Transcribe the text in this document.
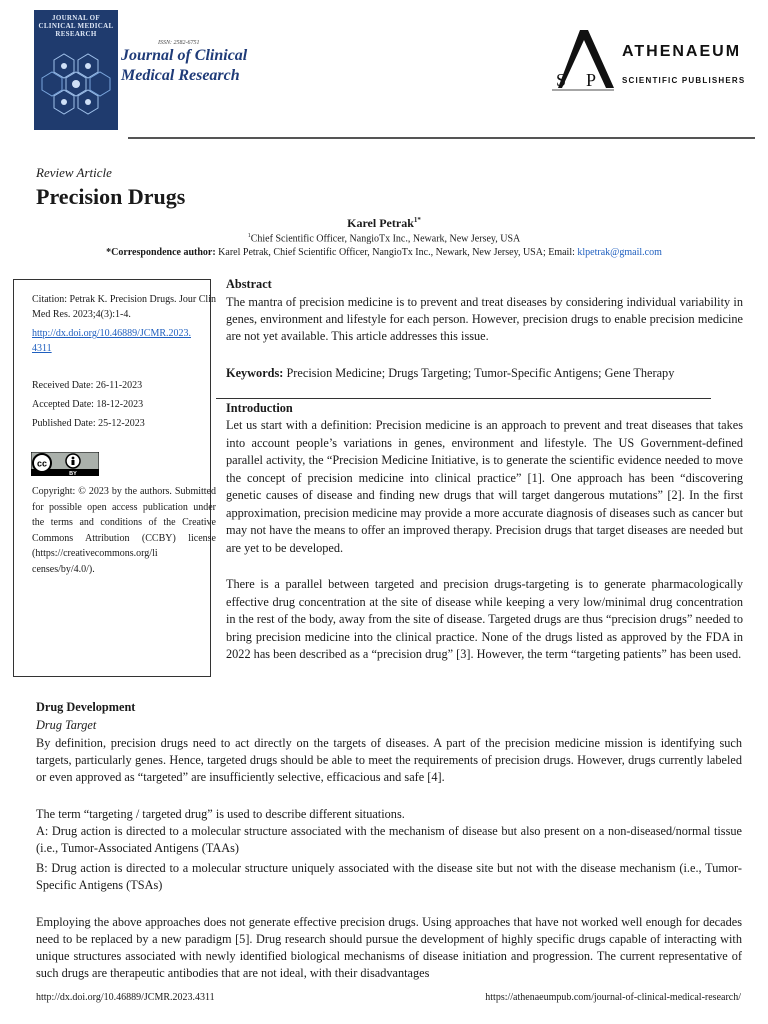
JOURNAL OF CLINICAL MEDICAL RESEARCH
ISSN: 2582-6751
Journal of Clinical
Medical Research	S P
ATHENAEUM
SCIENTIFIC PUBLISHERS
Review Article
Precision Drugs
Karel Petrak$^{1*}$
$^1$Chief Scientific Officer, NangioTx Inc., Newark, New Jersey, USA
*Correspondence author: Karel Petrak, Chief Scientific Officer, NangioTx Inc., Newark, New Jersey, USA; Email: klpetrak@gmail.com
Citation: Petrak K. Precision Drugs. Jour Clin Med Res. 2023;4(3):1-4.
http://dx.doi.org/10.46889/JCMR.2023.
4311
Received Date: 26-11-2023
Accepted Date: 18-12-2023
Published Date: 25-12-2023
Copyright: © 2023 by the authors. Submitted for possible open access publication under the terms and conditions of the Creative Commons Attribution (CCBY) license (https://creativecommons.org/li censes/by/4.0/).
cc
BY
Abstract
The mantra of precision medicine is to prevent and treat diseases by considering individual variability in genes, environment and lifestyle for each person. However, precision drugs to enable precision medicine are not yet available. This article addresses this issue.
Keywords: Precision Medicine; Drugs Targeting; Tumor-Specific Antigens; Gene Therapy
Introduction
Let us start with a definition: Precision medicine is an approach to prevent and treat diseases that takes into account people’s variations in genes, environment and lifestyle. The US Government-defined parallel activity, the “Precision Medicine Initiative, is to generate the scientific evidence needed to move the concept of precision medicine into clinical practice” [1]. One approach has been “discovering genetic causes of disease and finding new drugs that will target dangerous mutations” [2]. In the first approximation, precision medicine may provide a more accurate diagnosis of diseases such as cancer but may not have the means to offer an improved therapy. Precision drugs that target diseases are needed but are yet to be developed.
There is a parallel between targeted and precision drugs-targeting is to generate pharmacologically effective drug concentration at the site of disease while keeping a very low/minimal drug concentration in the rest of the body, away from the site of disease. Targeted drugs are thus “precision drugs” needed to bring precision medicine into the clinical practice. None of the drugs listed as approved by the FDA in 2022 has been described as a “precision drug” [3]. However, the term “targeting patients” has been used.
Drug Development
Drug Target
By definition, precision drugs need to act directly on the targets of diseases. A part of the precision medicine mission is identifying such targets, particularly genes. Hence, targeted drugs should be able to meet the requirements of precision drugs. However, drugs currently labeled or even approved as “targeted” are insufficiently selective, efficacious and safe [4].
The term “targeting / targeted drug” is used to describe different situations.
A: Drug action is directed to a molecular structure associated with the mechanism of disease but also present on a non-diseased/normal tissue (i.e., Tumor-Associated Antigens (TAAs)
B: Drug action is directed to a molecular structure uniquely associated with the disease site but not with the disease mechanism (i.e., Tumor-Specific Antigens (TSAs)
Employing the above approaches does not generate effective precision drugs. Using approaches that have not worked well enough for decades need to be replaced by a new paradigm [5]. Drug research should pursue the development of highly specific drugs capable of interacting with unique structures associated with newly identified biological mechanisms of disease initiation and progression. The current representative of such drugs are therapeutic antibodies that are not ideal, with their disadvantages
http://dx.doi.org/10.46889/JCMR.2023.4311	https://athenaeumpub.com/journal-of-clinical-medical-research/
